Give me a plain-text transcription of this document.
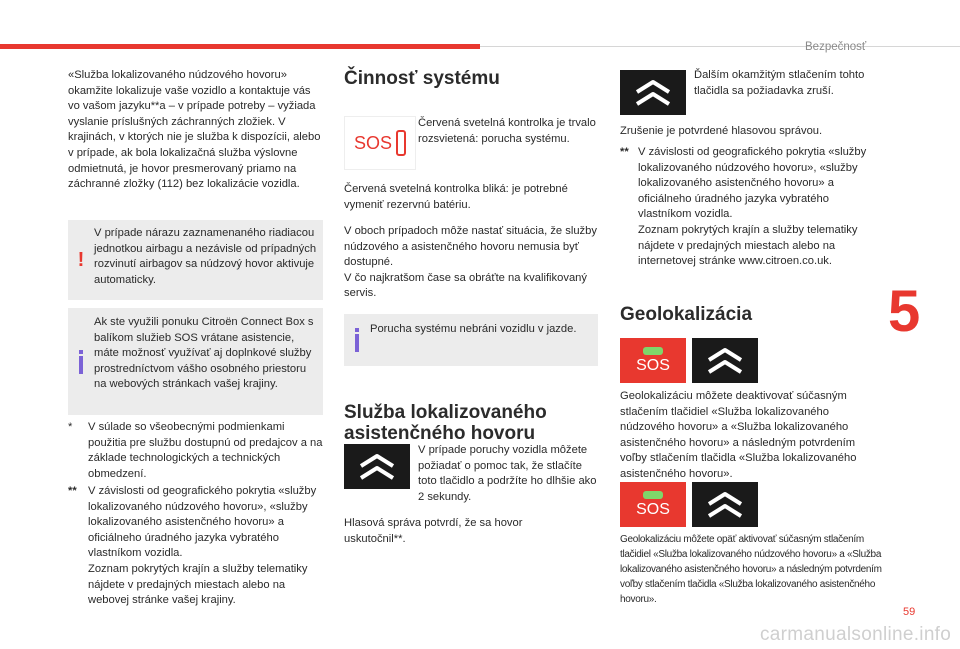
Bezpečnosť
5
59
carmanualsonline.info

«Služba lokalizovaného núdzového hovoru» okamžite lokalizuje vaše vozidlo a kontaktuje vás vo vašom jazyku**a – v prípade potreby – vyžiada vyslanie príslušných záchranných zložiek. V krajinách, v ktorých nie je služba k dispozícii, alebo v prípade, ak bola lokalizačná služba výslovne odmietnutá, je hovor presmerovaný priamo na záchranné zložky (112) bez lokalizácie vozidla.

!

V prípade nárazu zaznamenaného riadiacou jednotkou airbagu a nezávisle od prípadných rozvinutí airbagov sa núdzový hovor aktivuje automaticky.

Ak ste využili ponuku Citroën Connect Box s balíkom služieb SOS vrátane asistencie, máte možnosť využívať aj doplnkové služby prostredníctvom vášho osobného priestoru na webových stránkach vašej krajiny.

*	V súlade so všeobecnými podmienkami použitia pre službu dostupnú od predajcov a na základe technologických a technických obmedzení.
**	V závislosti od geografického pokrytia «služby lokalizovaného núdzového hovoru», «služby lokalizovaného asistenčného hovoru» a oficiálneho úradného jazyka vybratého vlastníkom vozidla.
Zoznam pokrytých krajín a služby telematiky nájdete v predajných miestach alebo na webovej stránke vašej krajiny.
Činnosť systému
SOS

Červená svetelná kontrolka je trvalo rozsvietená: porucha systému.

Červená svetelná kontrolka bliká: je potrebné vymeniť rezervnú batériu.

V oboch prípadoch môže nastať situácia, že služby núdzového a asistenčného hovoru nemusia byť dostupné.
V čo najkratšom čase sa obráťte na kvalifikovaný servis.

Porucha systému nebráni vozidlu v jazde.

Služba lokalizovaného asistenčného hovoru

V prípade poruchy vozidla môžete požiadať o pomoc tak, že stlačíte toto tlačidlo a podržíte ho dlhšie ako 2 sekundy.

Hlasová správa potvrdí, že sa hovor uskutočnil**.

Ďalším okamžitým stlačením tohto tlačidla sa požiadavka zruší.

Zrušenie je potvrdené hlasovou správou.

** V závislosti od geografického pokrytia «služby lokalizovaného núdzového hovoru», «služby lokalizovaného asistenčného hovoru» a oficiálneho úradného jazyka vybratého vlastníkom vozidla.
Zoznam pokrytých krajín a služby telematiky nájdete v predajných miestach alebo na internetovej stránke www.citroen.co.uk.
Geolokalizácia
SOS

Geolokalizáciu môžete deaktivovať súčasným stlačením tlačidiel «Služba lokalizovaného núdzového hovoru» a «Služba lokalizovaného asistenčného hovoru» a následným potvrdením voľby stlačením tlačidla «Služba lokalizovaného asistenčného hovoru».

SOS

Geolokalizáciu môžete opäť aktivovať súčasným stlačením tlačidiel «Služba lokalizovaného núdzového hovoru» a «Služba lokalizovaného asistenčného hovoru» a následným potvrdením voľby stlačením tlačidla «Služba lokalizovaného asistenčného hovoru».
